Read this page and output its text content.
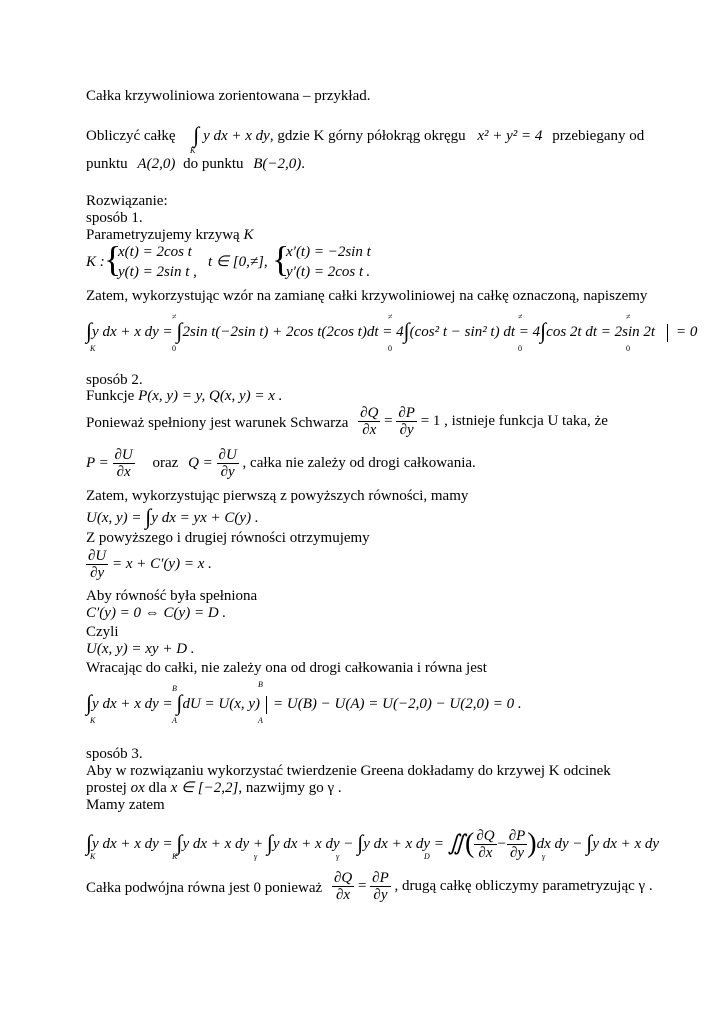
Całka krzywoliniowa zorientowana – przykład.
Obliczyć całkę ∫ y dx + x dy, gdzie K górny półokrąg okręgu x² + y² = 4 przebiegany od
K
punktu A(2,0) do punktu B(−2,0).
Rozwiązanie:
sposób 1.
Parametryzujemy krzywą K
K : {
x(t) = 2cos t
y(t) = 2sin t ,
t ∈ [0,≠], {
x′(t) = −2sin t
y′(t) = 2cos t .
Zatem, wykorzystując wzór na zamianę całki krzywoliniowej na całkę oznaczoną, napiszemy
∫y dx + x dy = ∫2sin t(−2sin t) + 2cos t(2cos t)dt = 4∫(cos² t − sin² t) dt = 4∫cos 2t dt = 2sin 2t = 0
K
≠
0
≠
0
≠
0
≠
0
sposób 2.
Funkcje P(x, y) = y, Q(x, y) = x .
Ponieważ spełniony jest warunek Schwarza $\frac{\partial Q}{\partial x} = \frac{\partial P}{\partial y} = 1$ , istnieje funkcja U taka, że
$P = \frac{\partial U}{\partial x}$ oraz $Q = \frac{\partial U}{\partial y}$ , całka nie zależy od drogi całkowania.
Zatem, wykorzystując pierwszą z powyższych równości, mamy
U(x, y) = ∫y dx = yx + C(y) .
Z powyższego i drugiej równości otrzymujemy
$\frac{\partial U}{\partial y} = x + C'(y) = x$ .
Aby równość była spełniona
C′(y) = 0 ⇔ C(y) = D .
Czyli
U(x, y) = xy + D .
Wracając do całki, nie zależy ona od drogi całkowania i równa jest
∫y dx + x dy = ∫dU = U(x, y) = U(B) − U(A) = U(−2,0) − U(2,0) = 0 .
K
B
A
B
A
sposób 3.
Aby w rozwiązaniu wykorzystać twierdzenie Greena dokładamy do krzywej K odcinek
prostej ox dla x ∈ [−2,2], nazwijmy go γ .
Mamy zatem
∫y dx + x dy = ∫y dx + x dy + ∫y dx + x dy − ∫y dx + x dy = ∬( $\frac{\partial Q}{\partial x} - \frac{\partial P}{\partial y} )dx$ dy − ∫y dx + x dy
K	K	γ	γ	D	γ
Całka podwójna równa jest 0 ponieważ $\frac{\partial Q}{\partial x} = \frac{\partial P}{\partial y}$ , drugą całkę obliczymy parametryzując γ .
